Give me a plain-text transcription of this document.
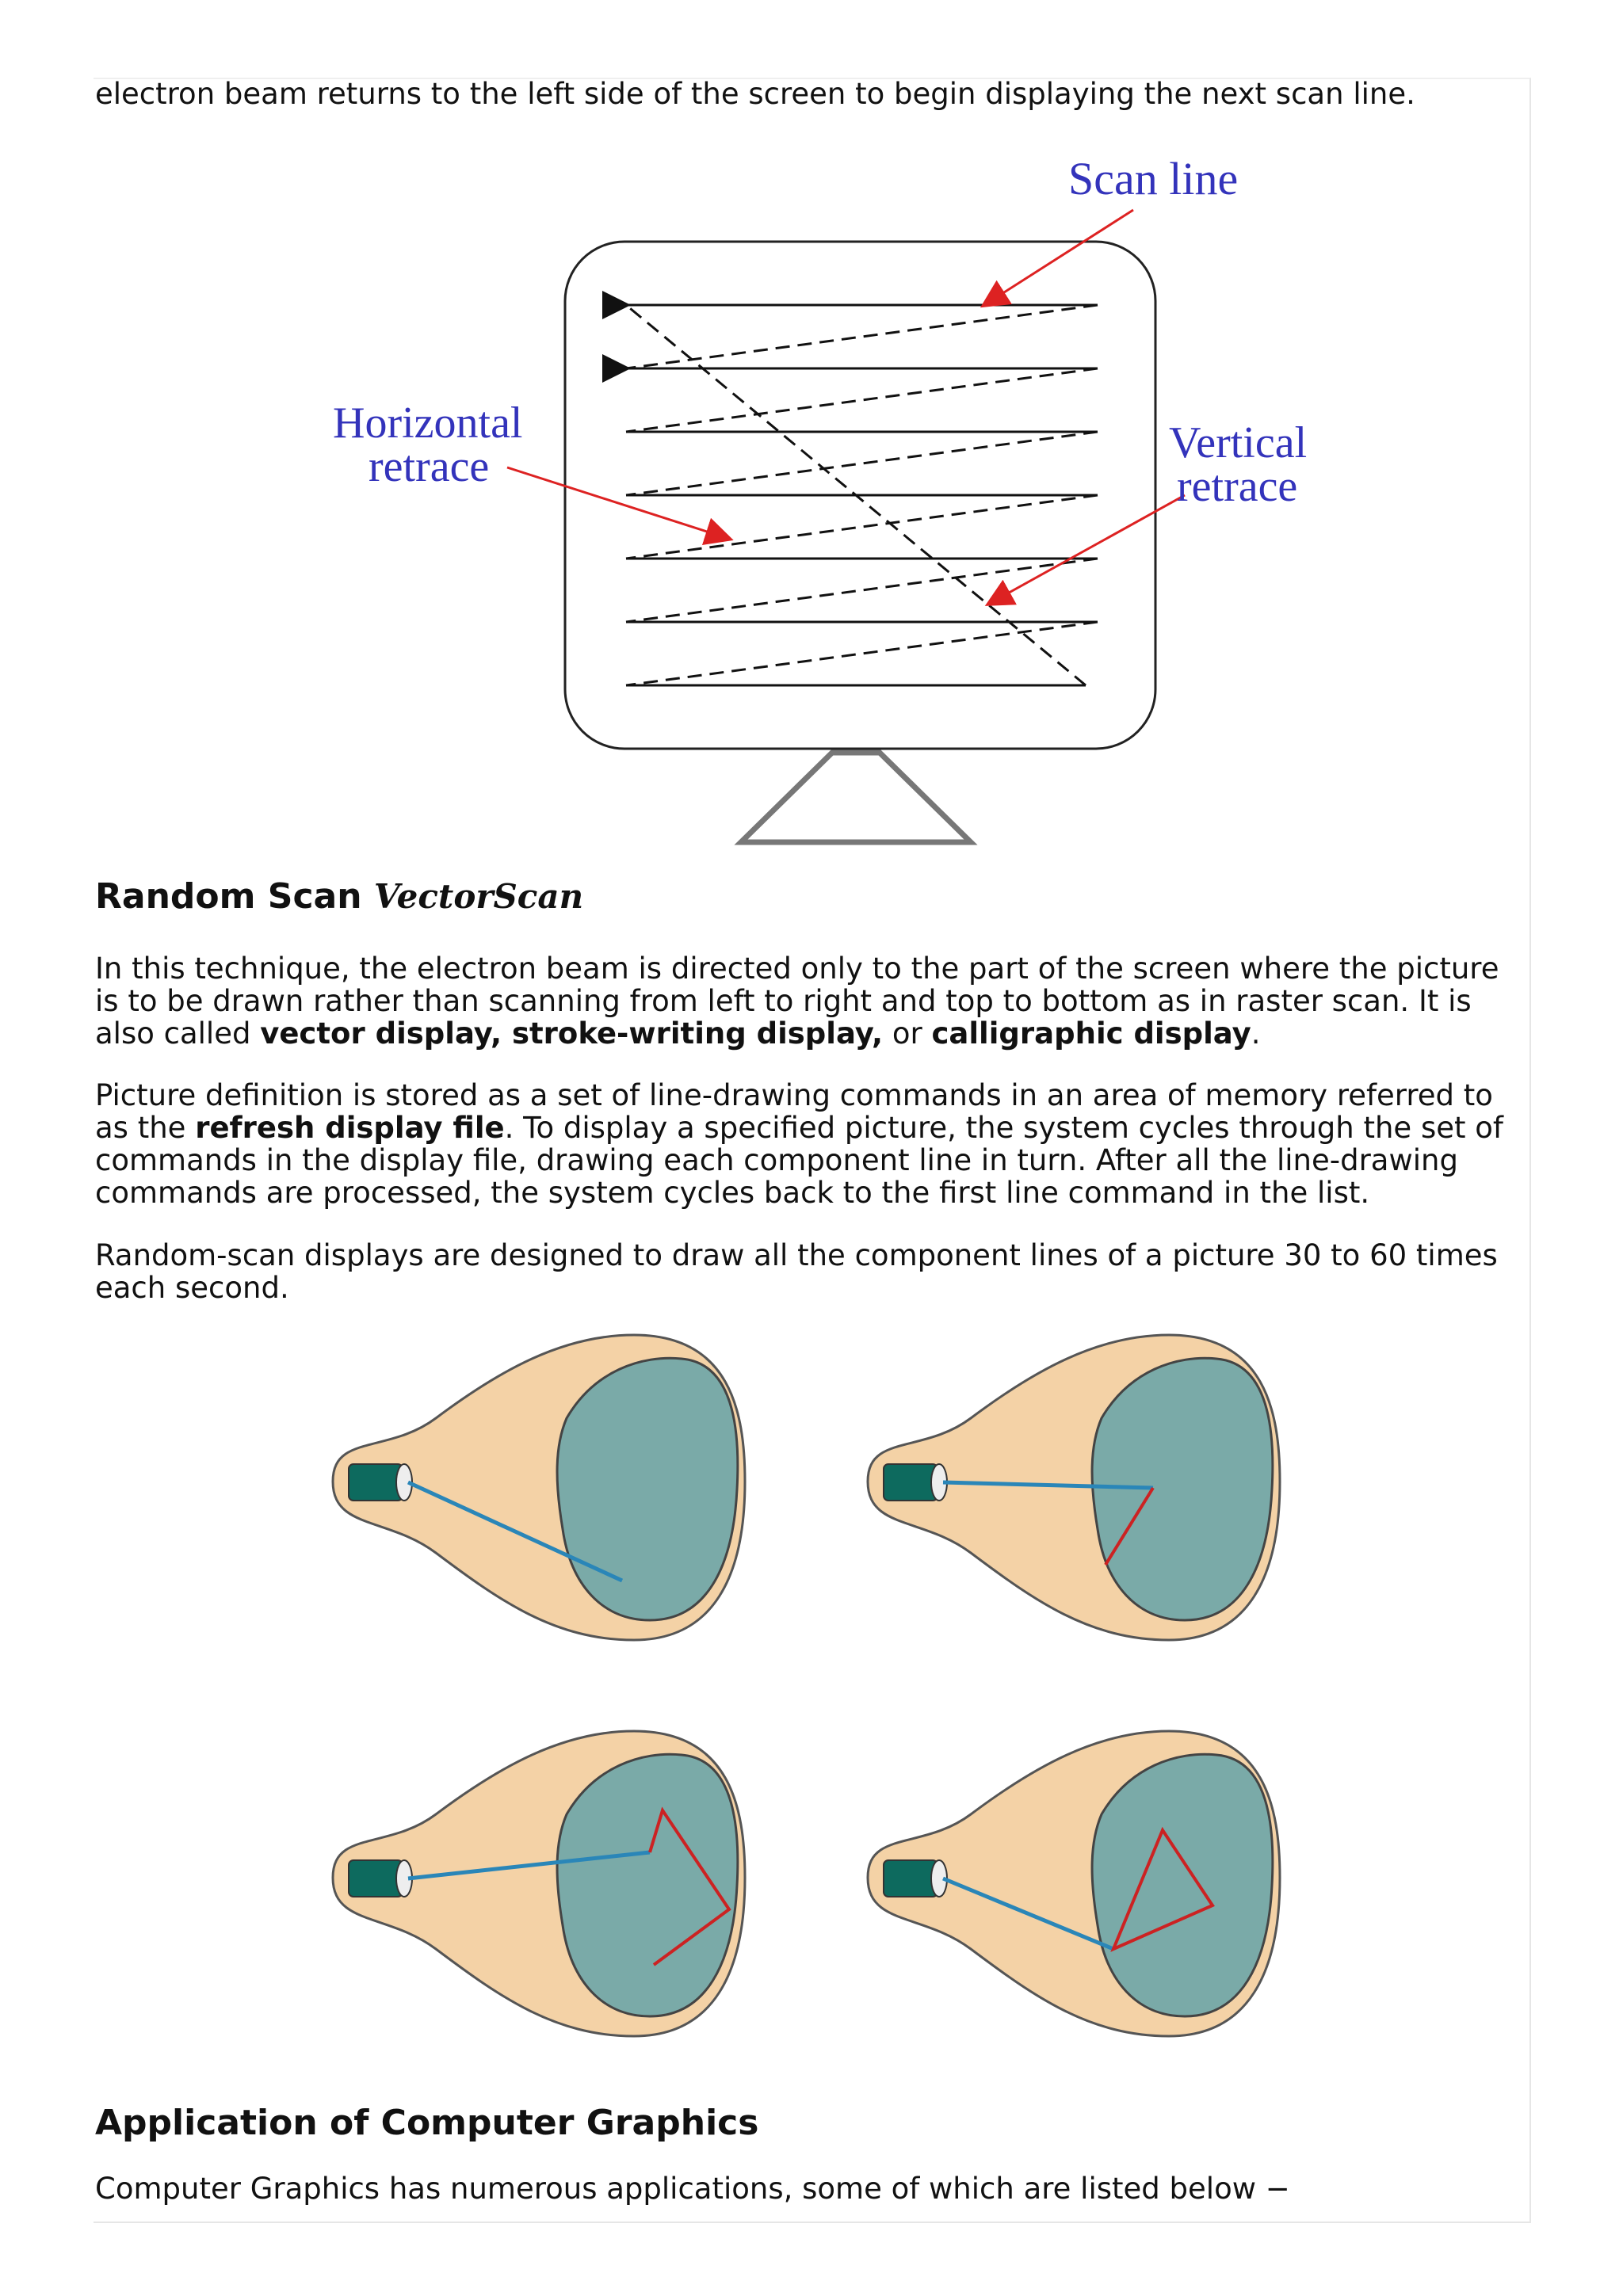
electron beam returns to the left side of the screen to begin displaying the next scan line.

Scan line
Horizontal
retrace	Vertical
retrace
Random Scan VectorScan

In this technique, the electron beam is directed only to the part of the screen where the picture is to be drawn rather than scanning from left to right and top to bottom as in raster scan. It is also called vector display, stroke-writing display, or calligraphic display.

Picture definition is stored as a set of line-drawing commands in an area of memory referred to as the refresh display file. To display a specified picture, the system cycles through the set of commands in the display file, drawing each component line in turn. After all the line-drawing commands are processed, the system cycles back to the first line command in the list.

Random-scan displays are designed to draw all the component lines of a picture 30 to 60 times each second.

Application of Computer Graphics

Computer Graphics has numerous applications, some of which are listed below −
